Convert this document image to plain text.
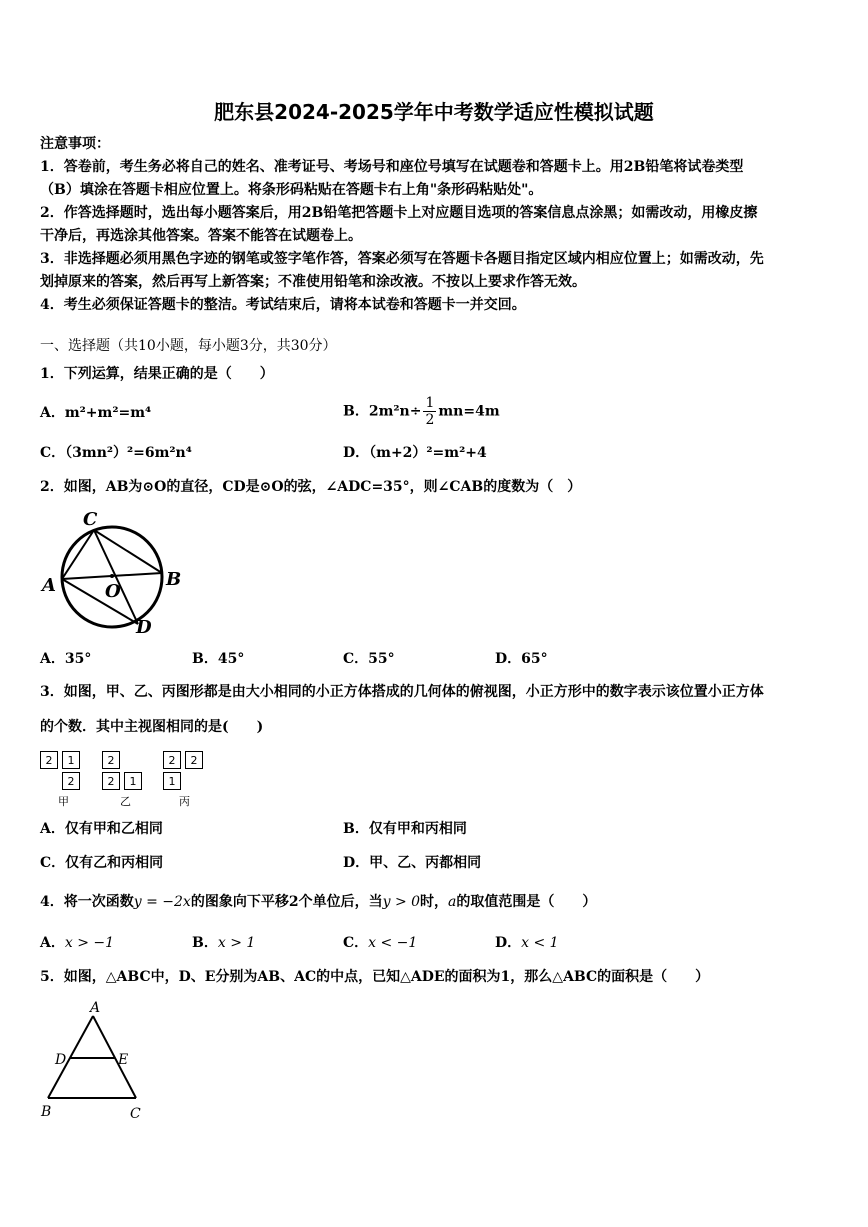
肥东县2024-2025学年中考数学适应性模拟试题

注意事项：

1．答卷前，考生务必将自己的姓名、准考证号、考场号和座位号填写在试题卷和答题卡上。用2B铅笔将试卷类型

（B）填涂在答题卡相应位置上。将条形码粘贴在答题卡右上角"条形码粘贴处"。

2．作答选择题时，选出每小题答案后，用2B铅笔把答题卡上对应题目选项的答案信息点涂黑；如需改动，用橡皮擦

干净后，再选涂其他答案。答案不能答在试题卷上。

3．非选择题必须用黑色字迹的钢笔或签字笔作答，答案必须写在答题卡各题目指定区域内相应位置上；如需改动，先

划掉原来的答案，然后再写上新答案；不准使用铅笔和涂改液。不按以上要求作答无效。

4．考生必须保证答题卡的整洁。考试结束后，请将本试卷和答题卡一并交回。

一、选择题（共10小题，每小题3分，共30分）
1．下列运算，结果正确的是（　　）
A．m²+m²=m⁴	B．$2m^2n\div \frac{1}{2} mn=4m$
C．（3mn²）²=6m²n⁴	D．（m+2）²=m²+4
2．如图，AB为⊙O的直径，CD是⊙O的弦，∠ADC=35°，则∠CAB的度数为（　）
C
A	B
O
D
A．35°	B．45°	C．55°	D．65°
3．如图，甲、乙、丙图形都是由大小相同的小正方体搭成的几何体的俯视图，小正方形中的数字表示该位置小正方体
的个数．其中主视图相同的是(　　)
2	1
2
甲
2
2	1
乙
2	2
1
丙
A．仅有甲和乙相同	B．仅有甲和丙相同
C．仅有乙和丙相同	D．甲、乙、丙都相同
4．将一次函数y = −2x的图象向下平移2个单位后，当y > 0时，a的取值范围是（　　）
A．x > −1	B．x > 1	C．x < −1	D．x < 1
5．如图，△ABC中，D、E分别为AB、AC的中点，已知△ADE的面积为1，那么△ABC的面积是（　　）
A
D	E
B	C
